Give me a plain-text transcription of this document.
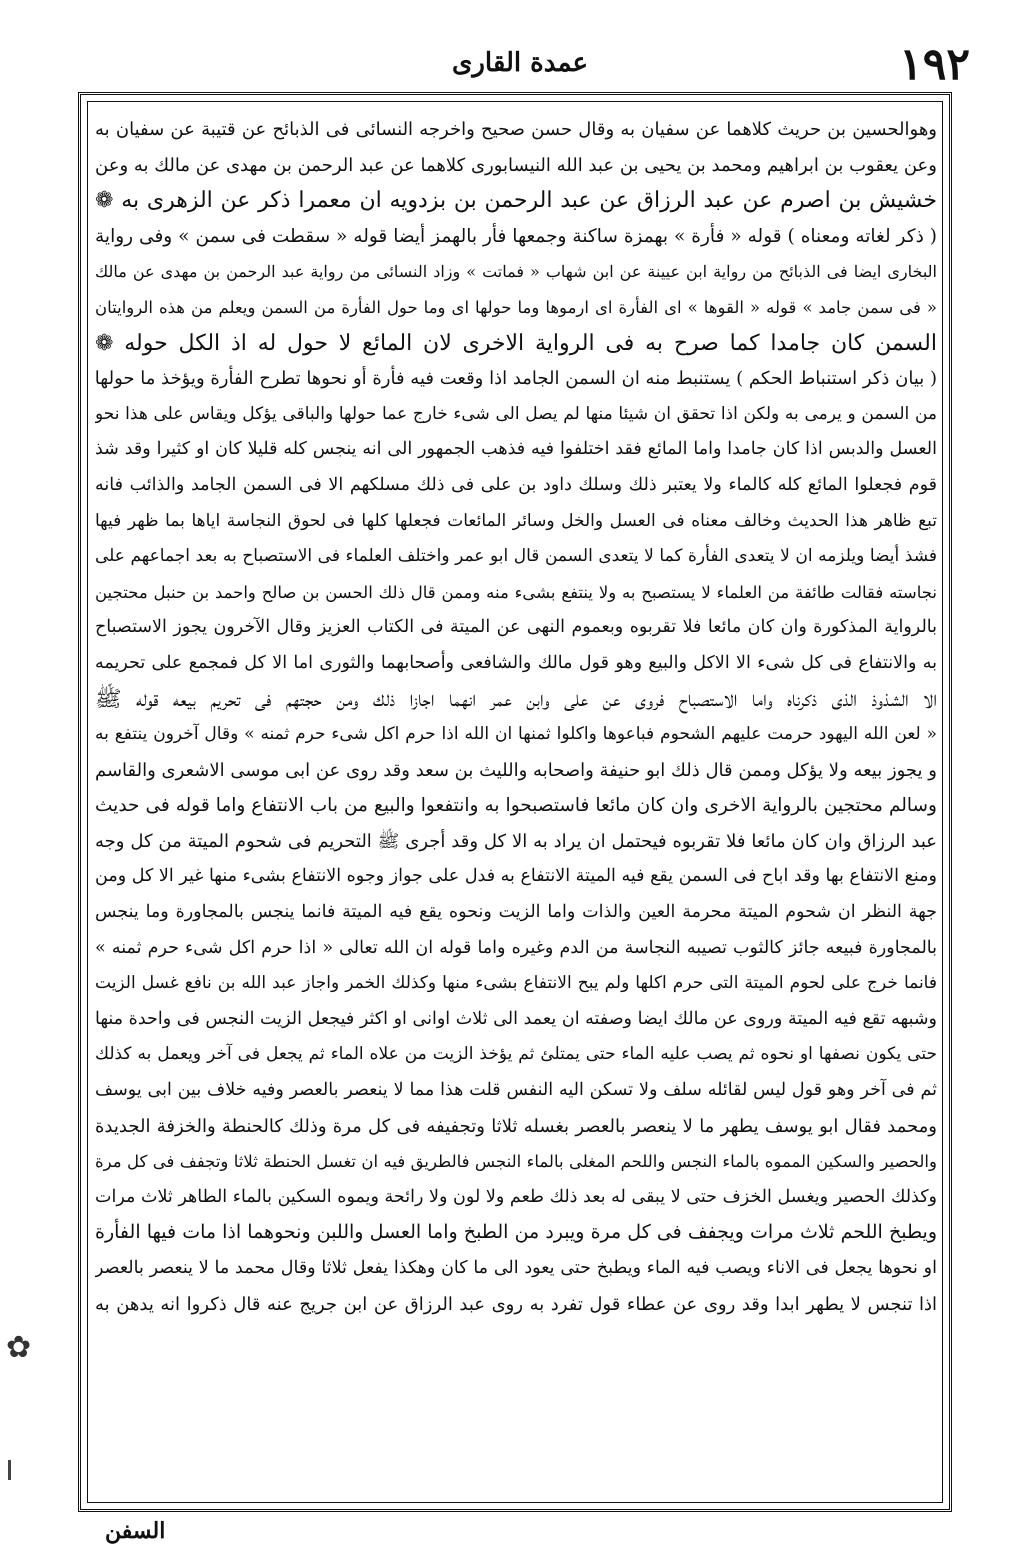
١٩٢
عمدة القارى
وهوالحسين بن حريث كلاهما عن سفيان به وقال حسن صحيح واخرجه النسائى فى الذبائح عن قتيبة عن سفيان به
وعن يعقوب بن ابراهيم ومحمد بن يحيى بن عبد الله النيسابورى كلاهما عن عبد الرحمن بن مهدى عن مالك به وعن
خشيش بن اصرم عن عبد الرزاق عن عبد الرحمن بن بزدويه ان معمرا ذكر عن الزهرى به ❁
( ذكر لغاته ومعناه ) قوله « فأرة » بهمزة ساكنة وجمعها فأر بالهمز أيضا قوله « سقطت فى سمن » وفى رواية
البخارى ايضا فى الذبائح من رواية ابن عيينة عن ابن شهاب « فماتت » وزاد النسائى من رواية عبد الرحمن بن مهدى عن مالك
« فى سمن جامد » قوله « القوها » اى الفأرة اى ارموها وما حولها اى وما حول الفأرة من السمن ويعلم من هذه الروايتان
السمن كان جامدا كما صرح به فى الرواية الاخرى لان المائع لا حول له اذ الكل حوله ❁
( بيان ذكر استنباط الحكم ) يستنبط منه ان السمن الجامد اذا وقعت فيه فأرة أو نحوها تطرح الفأرة ويؤخذ ما حولها
من السمن و يرمى به ولكن اذا تحقق ان شيئا منها لم يصل الى شىء خارج عما حولها والباقى يؤكل ويقاس على هذا نحو
العسل والدبس اذا كان جامدا واما المائع فقد اختلفوا فيه فذهب الجمهور الى انه ينجس كله قليلا كان او كثيرا وقد شذ
قوم فجعلوا المائع كله كالماء ولا يعتبر ذلك وسلك داود بن على فى ذلك مسلكهم الا فى السمن الجامد والذائب فانه
تبع ظاهر هذا الحديث وخالف معناه فى العسل والخل وسائر المائعات فجعلها كلها فى لحوق النجاسة اياها بما ظهر فيها
فشذ أيضا ويلزمه ان لا يتعدى الفأرة كما لا يتعدى السمن قال ابو عمر واختلف العلماء فى الاستصباح به بعد اجماعهم على
نجاسته فقالت طائفة من العلماء لا يستصبح به ولا ينتفع بشىء منه وممن قال ذلك الحسن بن صالح واحمد بن حنبل محتجين
بالرواية المذكورة وان كان مائعا فلا تقربوه وبعموم النهى عن الميتة فى الكتاب العزيز وقال الآخرون يجوز الاستصباح
به والانتفاع فى كل شىء الا الاكل والبيع وهو قول مالك والشافعى وأصحابهما والثورى اما الا كل فمجمع على تحريمه
الا الشذوذ الذى ذكرناه واما الاستصباح فروى عن على وابن عمر انهما اجازا ذلك ومن حجتهم فى تحريم بيعه قوله ﷺ
« لعن الله اليهود حرمت عليهم الشحوم فباعوها واكلوا ثمنها ان الله اذا حرم اكل شىء حرم ثمنه » وقال آخرون ينتفع به
و يجوز بيعه ولا يؤكل وممن قال ذلك ابو حنيفة واصحابه والليث بن سعد وقد روى عن ابى موسى الاشعرى والقاسم
وسالم محتجين بالرواية الاخرى وان كان مائعا فاستصبحوا به وانتفعوا والبيع من باب الانتفاع واما قوله فى حديث
عبد الرزاق وان كان مائعا فلا تقربوه فيحتمل ان يراد به الا كل وقد أجرى ﷺ التحريم فى شحوم الميتة من كل وجه
ومنع الانتفاع بها وقد اباح فى السمن يقع فيه الميتة الانتفاع به فدل على جواز وجوه الانتفاع بشىء منها غير الا كل ومن
جهة النظر ان شحوم الميتة محرمة العين والذات واما الزيت ونحوه يقع فيه الميتة فانما ينجس بالمجاورة وما ينجس
بالمجاورة فبيعه جائز كالثوب تصيبه النجاسة من الدم وغيره واما قوله ان الله تعالى « اذا حرم اكل شىء حرم ثمنه »
فانما خرج على لحوم الميتة التى حرم اكلها ولم يبح الانتفاع بشىء منها وكذلك الخمر واجاز عبد الله بن نافع غسل الزيت
وشبهه تقع فيه الميتة وروى عن مالك ايضا وصفته ان يعمد الى ثلاث اوانى او اكثر فيجعل الزيت النجس فى واحدة منها
حتى يكون نصفها او نحوه ثم يصب عليه الماء حتى يمتلئ ثم يؤخذ الزيت من علاه الماء ثم يجعل فى آخر ويعمل به كذلك
ثم فى آخر وهو قول ليس لقائله سلف ولا تسكن اليه النفس قلت هذا مما لا ينعصر بالعصر وفيه خلاف بين ابى يوسف
ومحمد فقال ابو يوسف يطهر ما لا ينعصر بالعصر بغسله ثلاثا وتجفيفه فى كل مرة وذلك كالحنطة والخزفة الجديدة
والحصير والسكين المموه بالماء النجس واللحم المغلى بالماء النجس فالطريق فيه ان تغسل الحنطة ثلاثا وتجفف فى كل مرة
وكذلك الحصير ويغسل الخزف حتى لا يبقى له بعد ذلك طعم ولا لون ولا رائحة ويموه السكين بالماء الطاهر ثلاث مرات
ويطبخ اللحم ثلاث مرات ويجفف فى كل مرة ويبرد من الطبخ واما العسل واللبن ونحوهما اذا مات فيها الفأرة
او نحوها يجعل فى الاناء ويصب فيه الماء ويطبخ حتى يعود الى ما كان وهكذا يفعل ثلاثا وقال محمد ما لا ينعصر بالعصر
اذا تنجس لا يطهر ابدا وقد روى عن عطاء قول تفرد به روى عبد الرزاق عن ابن جريج عنه قال ذكروا انه يدهن به
السفن
✿
